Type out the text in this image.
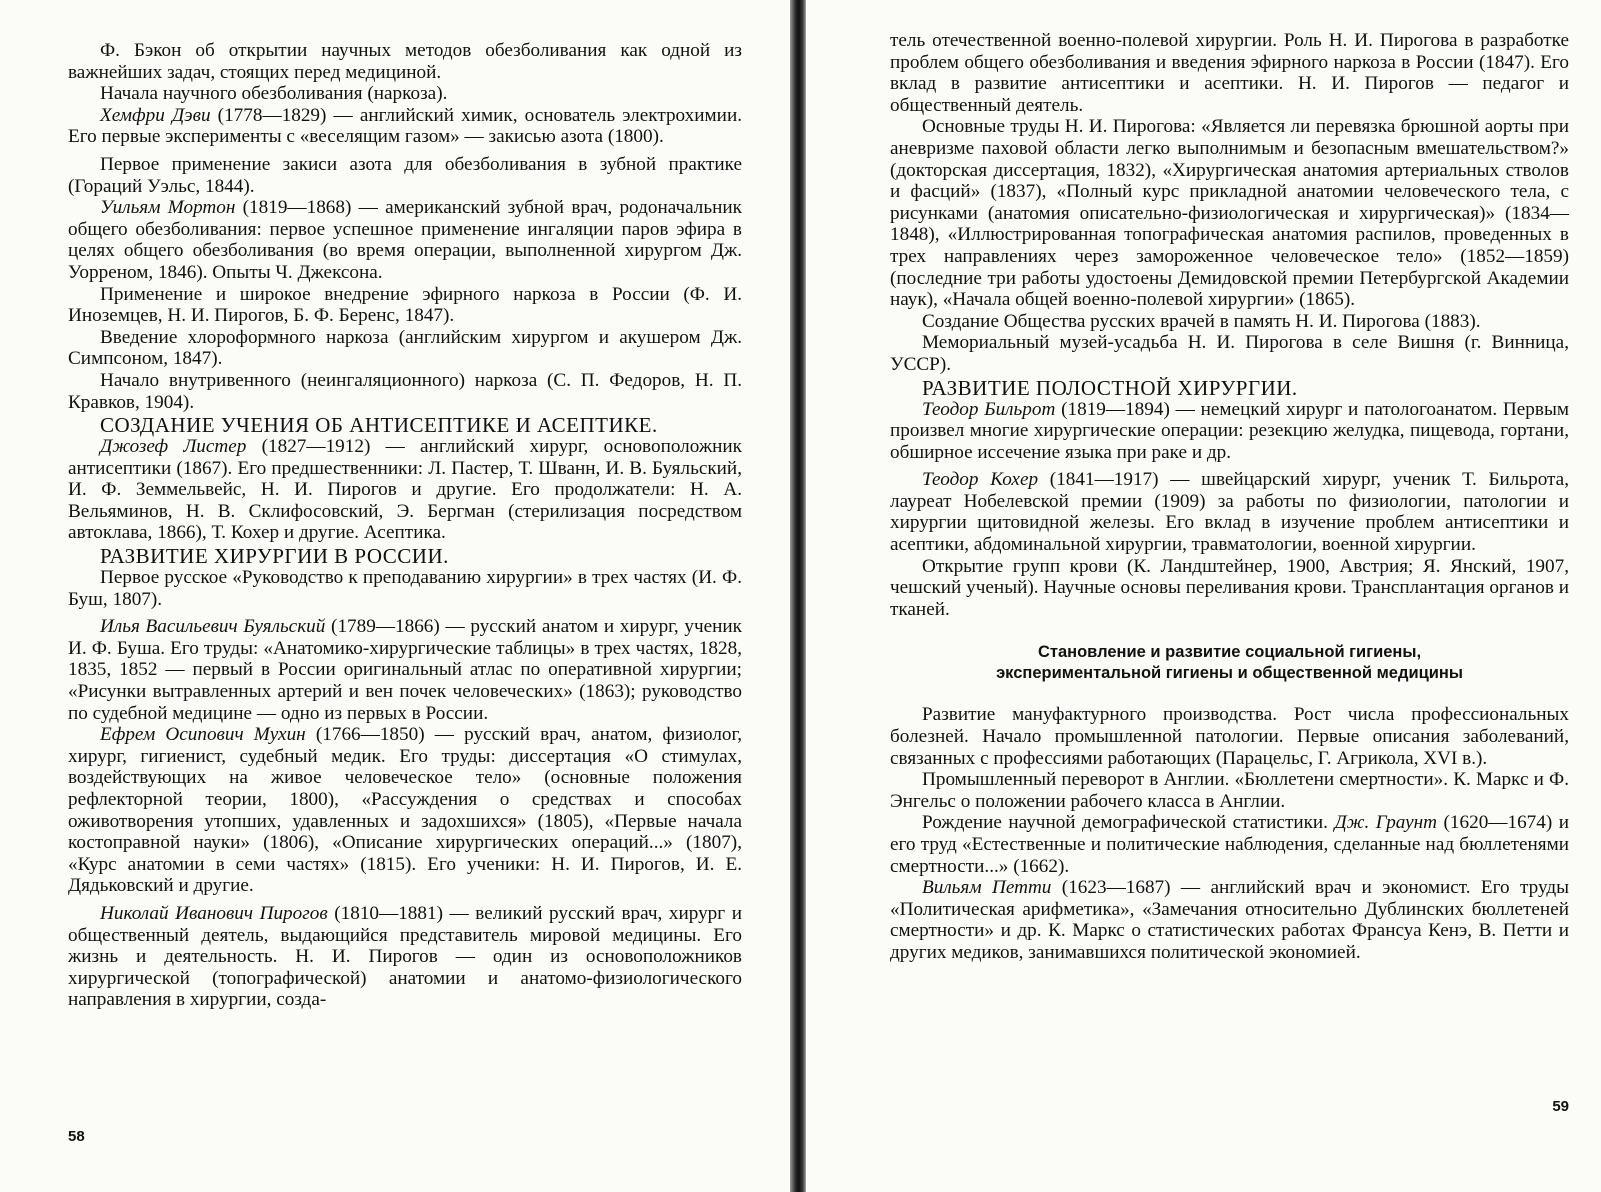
Ф. Бэкон об открытии научных методов обезболивания как одной из важнейших задач, стоящих перед медициной.

Начала научного обезболивания (наркоза).

Хемфри Дэви (1778—1829) — английский химик, основатель электрохимии. Его первые эксперименты с «веселящим газом» — закисью азота (1800).

Первое применение закиси азота для обезболивания в зубной практике (Гораций Уэльс, 1844).

Уильям Мортон (1819—1868) — американский зубной врач, родоначальник общего обезболивания: первое успешное применение ингаляции паров эфира в целях общего обезболивания (во время операции, выполненной хирургом Дж. Уорреном, 1846). Опыты Ч. Джексона.

Применение и широкое внедрение эфирного наркоза в России (Ф. И. Иноземцев, Н. И. Пирогов, Б. Ф. Беренс, 1847).

Введение хлороформного наркоза (английским хирургом и акушером Дж. Симпсоном, 1847).

Начало внутривенного (неингаляционного) наркоза (С. П. Федоров, Н. П. Кравков, 1904).

СОЗДАНИЕ УЧЕНИЯ ОБ АНТИСЕПТИКЕ И АСЕПТИКЕ.

Джозеф Листер (1827—1912) — английский хирург, основоположник антисептики (1867). Его предшественники: Л. Пастер, Т. Шванн, И. В. Буяльский, И. Ф. Земмельвейс, Н. И. Пирогов и другие. Его продолжатели: Н. А. Вельяминов, Н. В. Склифосовский, Э. Бергман (стерилизация посредством автоклава, 1866), Т. Кохер и другие. Асептика.

РАЗВИТИЕ ХИРУРГИИ В РОССИИ.

Первое русское «Руководство к преподаванию хирургии» в трех частях (И. Ф. Буш, 1807).

Илья Васильевич Буяльский (1789—1866) — русский анатом и хирург, ученик И. Ф. Буша. Его труды: «Анатомико-хирургические таблицы» в трех частях, 1828, 1835, 1852 — первый в России оригинальный атлас по оперативной хирургии; «Рисунки вытравленных артерий и вен почек человеческих» (1863); руководство по судебной медицине — одно из первых в России.

Ефрем Осипович Мухин (1766—1850) — русский врач, анатом, физиолог, хирург, гигиенист, судебный медик. Его труды: диссертация «О стимулах, воздействующих на живое человеческое тело» (основные положения рефлекторной теории, 1800), «Рассуждения о средствах и способах оживотворения утопших, удавленных и задохшихся» (1805), «Первые начала костоправной науки» (1806), «Описание хирургических операций...» (1807), «Курс анатомии в семи частях» (1815). Его ученики: Н. И. Пирогов, И. Е. Дядьковский и другие.

Николай Иванович Пирогов (1810—1881) — великий русский врач, хирург и общественный деятель, выдающийся представитель мировой медицины. Его жизнь и деятельность. Н. И. Пирогов — один из основоположников хирургической (топографической) анатомии и анатомо-физиологического направления в хирургии, созда-

58

тель отечественной военно-полевой хирургии. Роль Н. И. Пирогова в разработке проблем общего обезболивания и введения эфирного наркоза в России (1847). Его вклад в развитие антисептики и асептики. Н. И. Пирогов — педагог и общественный деятель.

Основные труды Н. И. Пирогова: «Является ли перевязка брюшной аорты при аневризме паховой области легко выполнимым и безопасным вмешательством?» (докторская диссертация, 1832), «Хирургическая анатомия артериальных стволов и фасций» (1837), «Полный курс прикладной анатомии человеческого тела, с рисунками (анатомия описательно-физиологическая и хирургическая)» (1834—1848), «Иллюстрированная топографическая анатомия распилов, проведенных в трех направлениях через замороженное человеческое тело» (1852—1859) (последние три работы удостоены Демидовской премии Петербургской Академии наук), «Начала общей военно-полевой хирургии» (1865).

Создание Общества русских врачей в память Н. И. Пирогова (1883).

Мемориальный музей-усадьба Н. И. Пирогова в селе Вишня (г. Винница, УССР).

РАЗВИТИЕ ПОЛОСТНОЙ ХИРУРГИИ.

Теодор Бильрот (1819—1894) — немецкий хирург и патологоанатом. Первым произвел многие хирургические операции: резекцию желудка, пищевода, гортани, обширное иссечение языка при раке и др.

Теодор Кохер (1841—1917) — швейцарский хирург, ученик Т. Бильрота, лауреат Нобелевской премии (1909) за работы по физиологии, патологии и хирургии щитовидной железы. Его вклад в изучение проблем антисептики и асептики, абдоминальной хирургии, травматологии, военной хирургии.

Открытие групп крови (К. Ландштейнер, 1900, Австрия; Я. Янский, 1907, чешский ученый). Научные основы переливания крови. Трансплантация органов и тканей.

Становление и развитие социальной гигиены,
экспериментальной гигиены и общественной медицины

Развитие мануфактурного производства. Рост числа профессиональных болезней. Начало промышленной патологии. Первые описания заболеваний, связанных с профессиями работающих (Парацельс, Г. Агрикола, XVI в.).

Промышленный переворот в Англии. «Бюллетени смертности». К. Маркс и Ф. Энгельс о положении рабочего класса в Англии.

Рождение научной демографической статистики. Дж. Граунт (1620—1674) и его труд «Естественные и политические наблюдения, сделанные над бюллетенями смертности...» (1662).

Вильям Петти (1623—1687) — английский врач и экономист. Его труды «Политическая арифметика», «Замечания относительно Дублинских бюллетеней смертности» и др. К. Маркс о статистических работах Франсуа Кенэ, В. Петти и других медиков, занимавшихся политической экономией.

59
